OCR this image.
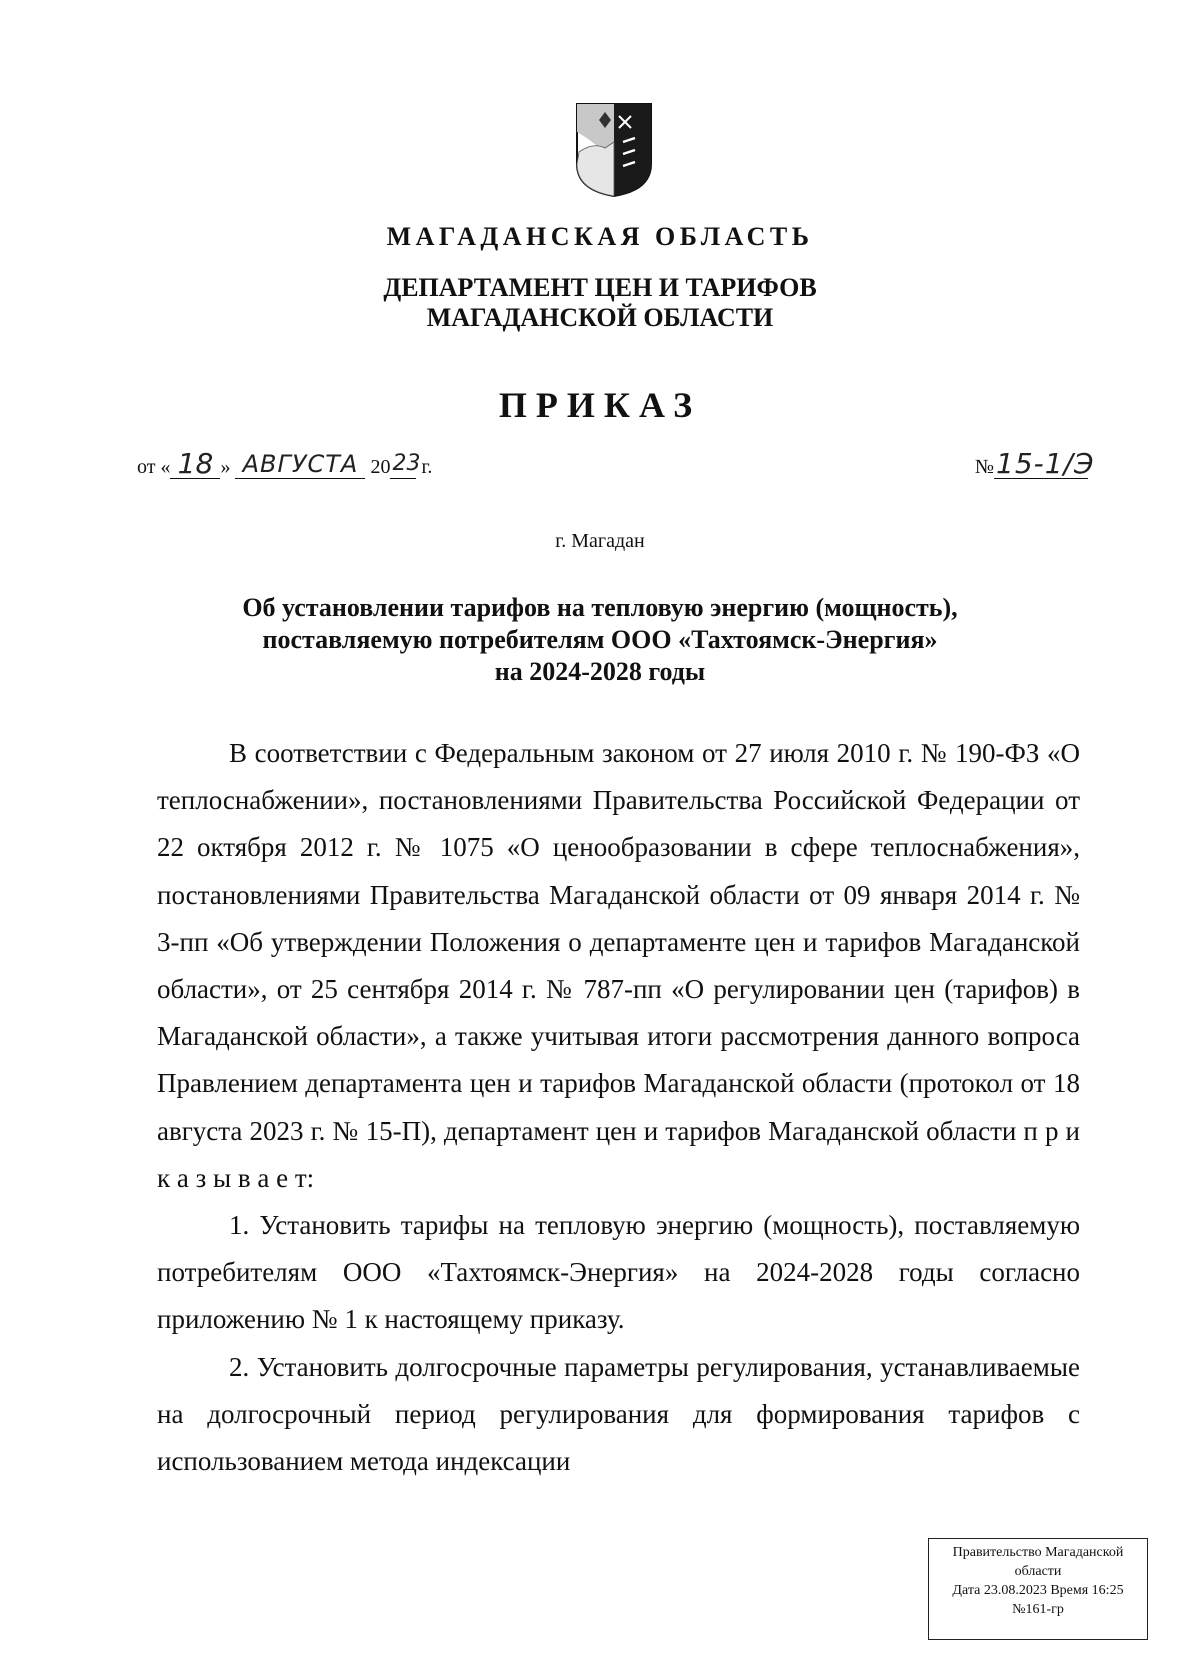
МАГАДАНСКАЯ ОБЛАСТЬ
ДЕПАРТАМЕНТ ЦЕН И ТАРИФОВ
МАГАДАНСКОЙ ОБЛАСТИ
ПРИКАЗ
от « 18 »
АВГУСТА
20 23
г.	№ 15-1/Э
г. Магадан
Об установлении тарифов на тепловую энергию (мощность),
поставляемую потребителям ООО «Тахтоямск-Энергия»
на 2024-2028 годы

В соответствии с Федеральным законом от 27 июля 2010 г. № 190-ФЗ «О теплоснабжении», постановлениями Правительства Российской Федерации от 22 октября 2012 г. № 1075 «О ценообразовании в сфере теплоснабжения», постановлениями Правительства Магаданской области от 09 января 2014 г. № 3-пп «Об утверждении Положения о департаменте цен и тарифов Магаданской области», от 25 сентября 2014 г. № 787-пп «О регулировании цен (тарифов) в Магаданской области», а также учитывая итоги рассмотрения данного вопроса Правлением департамента цен и тарифов Магаданской области (протокол от 18 августа 2023 г. № 15-П), департамент цен и тарифов Магаданской области п р и к а з ы в а е т:

1. Установить тарифы на тепловую энергию (мощность), поставляемую потребителям ООО «Тахтоямск-Энергия» на 2024-2028 годы согласно приложению № 1 к настоящему приказу.

2. Установить долгосрочные параметры регулирования, устанавливаемые на долгосрочный период регулирования для формирования тарифов с использованием метода индексации

Правительство Магаданской
области
Дата 23.08.2023 Время 16:25
№161-гр
